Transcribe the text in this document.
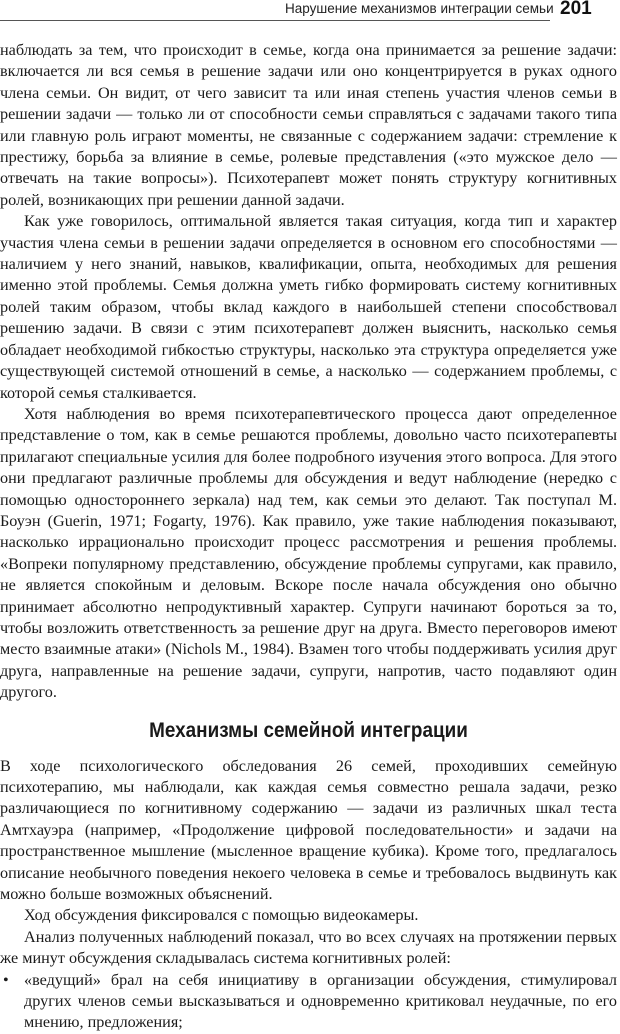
Нарушение механизмов интеграции семьи 201

наблюдать за тем, что происходит в семье, когда она принимается за решение задачи: включается ли вся семья в решение задачи или оно концентрируется в руках одного члена семьи. Он видит, от чего зависит та или иная степень участия членов семьи в решении задачи — только ли от способности семьи справляться с задачами такого типа или главную роль играют моменты, не связанные с содержанием задачи: стремление к престижу, борьба за влияние в семье, ролевые представления («это мужское дело — отвечать на такие вопросы»). Психотерапевт может понять структуру когнитивных ролей, возникающих при решении данной задачи.

Как уже говорилось, оптимальной является такая ситуация, когда тип и характер участия члена семьи в решении задачи определяется в основном его способностями — наличием у него знаний, навыков, квалификации, опыта, необходимых для решения именно этой проблемы. Семья должна уметь гибко формировать систему когнитивных ролей таким образом, чтобы вклад каждого в наибольшей степени способствовал решению задачи. В связи с этим психотерапевт должен выяснить, насколько семья обладает необходимой гибкостью структуры, насколько эта структура определяется уже существующей системой отношений в семье, а насколько — содержанием проблемы, с которой семья сталкивается.

Хотя наблюдения во время психотерапевтического процесса дают определенное представление о том, как в семье решаются проблемы, довольно часто психотерапевты прилагают специальные усилия для более подробного изучения этого вопроса. Для этого они предлагают различные проблемы для обсуждения и ведут наблюдение (нередко с помощью одностороннего зеркала) над тем, как семьи это делают. Так поступал М. Боуэн (Guerin, 1971; Fogarty, 1976). Как правило, уже такие наблюдения показывают, насколько иррационально происходит процесс рассмотрения и решения проблемы. «Вопреки популярному представлению, обсуждение проблемы супругами, как правило, не является спокойным и деловым. Вскоре после начала обсуждения оно обычно принимает абсолютно непродуктивный характер. Супруги начинают бороться за то, чтобы возложить ответственность за решение друг на друга. Вместо переговоров имеют место взаимные атаки» (Nichols M., 1984). Взамен того чтобы поддерживать усилия друг друга, направленные на решение задачи, супруги, напротив, часто подавляют один другого.

Механизмы семейной интеграции

В ходе психологического обследования 26 семей, проходивших семейную психотерапию, мы наблюдали, как каждая семья совместно решала задачи, резко различающиеся по когнитивному содержанию — задачи из различных шкал теста Амтхауэра (например, «Продолжение цифровой последовательности» и задачи на пространственное мышление (мысленное вращение кубика). Кроме того, предлагалось описание необычного поведения некоего человека в семье и требовалось выдвинуть как можно больше возможных объяснений.

Ход обсуждения фиксировался с помощью видеокамеры.

Анализ полученных наблюдений показал, что во всех случаях на протяжении первых же минут обсуждения складывалась система когнитивных ролей:

• «ведущий» брал на себя инициативу в организации обсуждения, стимулировал других членов семьи высказываться и одновременно критиковал неудачные, по его мнению, предложения;
